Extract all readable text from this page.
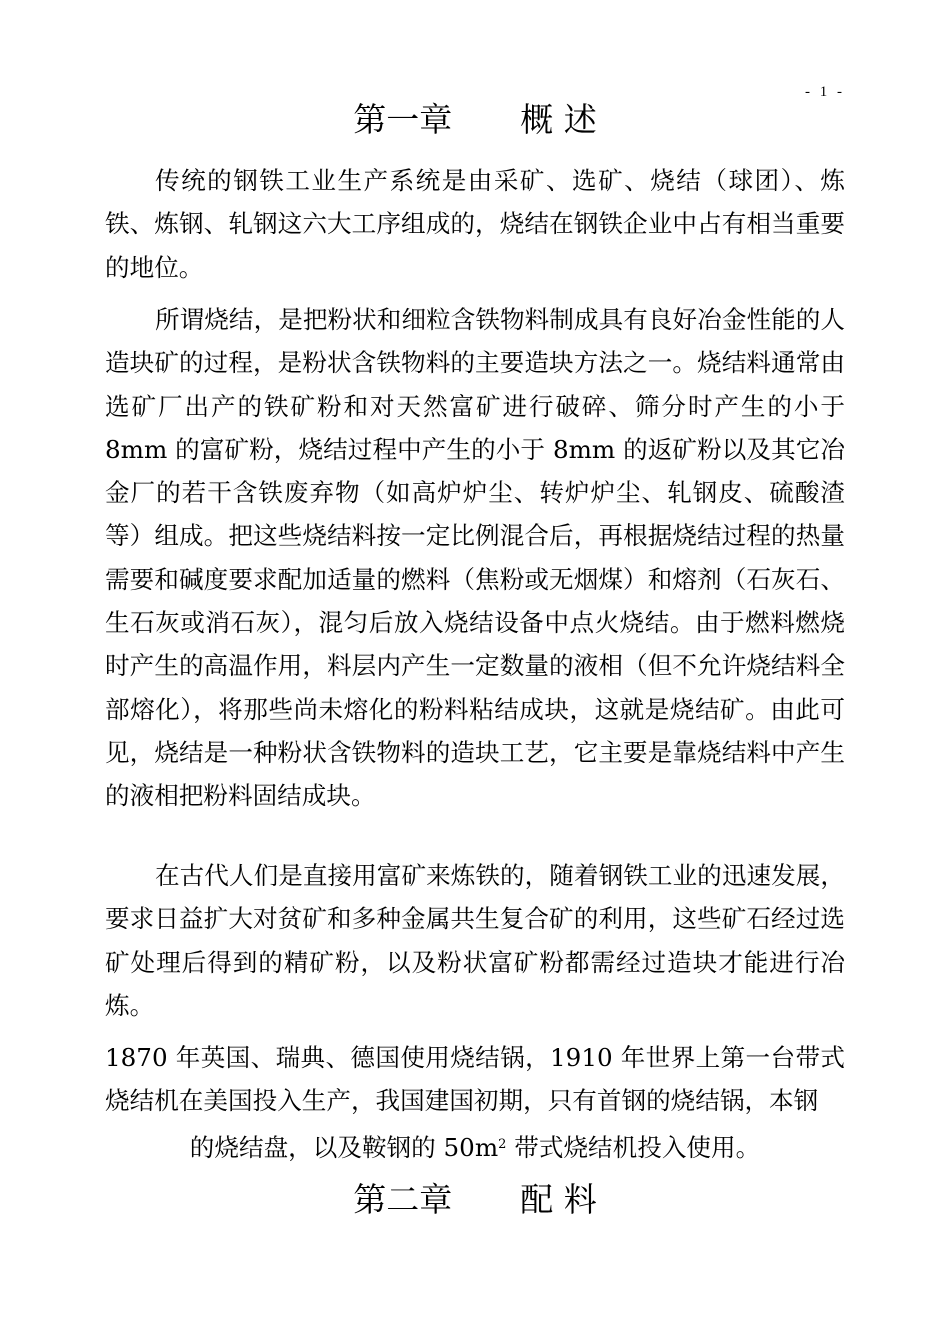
- 1 -
第一章 概 述

传统的钢铁工业生产系统是由采矿、选矿、烧结（球团）、炼铁、炼钢、轧钢这六大工序组成的，烧结在钢铁企业中占有相当重要的地位。

所谓烧结，是把粉状和细粒含铁物料制成具有良好冶金性能的人造块矿的过程，是粉状含铁物料的主要造块方法之一。烧结料通常由选矿厂出产的铁矿粉和对天然富矿进行破碎、筛分时产生的小于 8mm 的富矿粉，烧结过程中产生的小于 8mm 的返矿粉以及其它冶金厂的若干含铁废弃物（如高炉炉尘、转炉炉尘、轧钢皮、硫酸渣等）组成。把这些烧结料按一定比例混合后，再根据烧结过程的热量需要和碱度要求配加适量的燃料（焦粉或无烟煤）和熔剂（石灰石、生石灰或消石灰），混匀后放入烧结设备中点火烧结。由于燃料燃烧时产生的高温作用，料层内产生一定数量的液相（但不允许烧结料全部熔化），将那些尚未熔化的粉料粘结成块，这就是烧结矿。由此可见，烧结是一种粉状含铁物料的造块工艺，它主要是靠烧结料中产生的液相把粉料固结成块。

在古代人们是直接用富矿来炼铁的，随着钢铁工业的迅速发展，要求日益扩大对贫矿和多种金属共生复合矿的利用，这些矿石经过选矿处理后得到的精矿粉，以及粉状富矿粉都需经过造块才能进行冶炼。

1870 年英国、瑞典、德国使用烧结锅，1910 年世界上第一台带式烧结机在美国投入生产，我国建国初期，只有首钢的烧结锅，本钢
的烧结盘，以及鞍钢的 $50m^2$ 带式烧结机投入使用。
第二章 配 料
